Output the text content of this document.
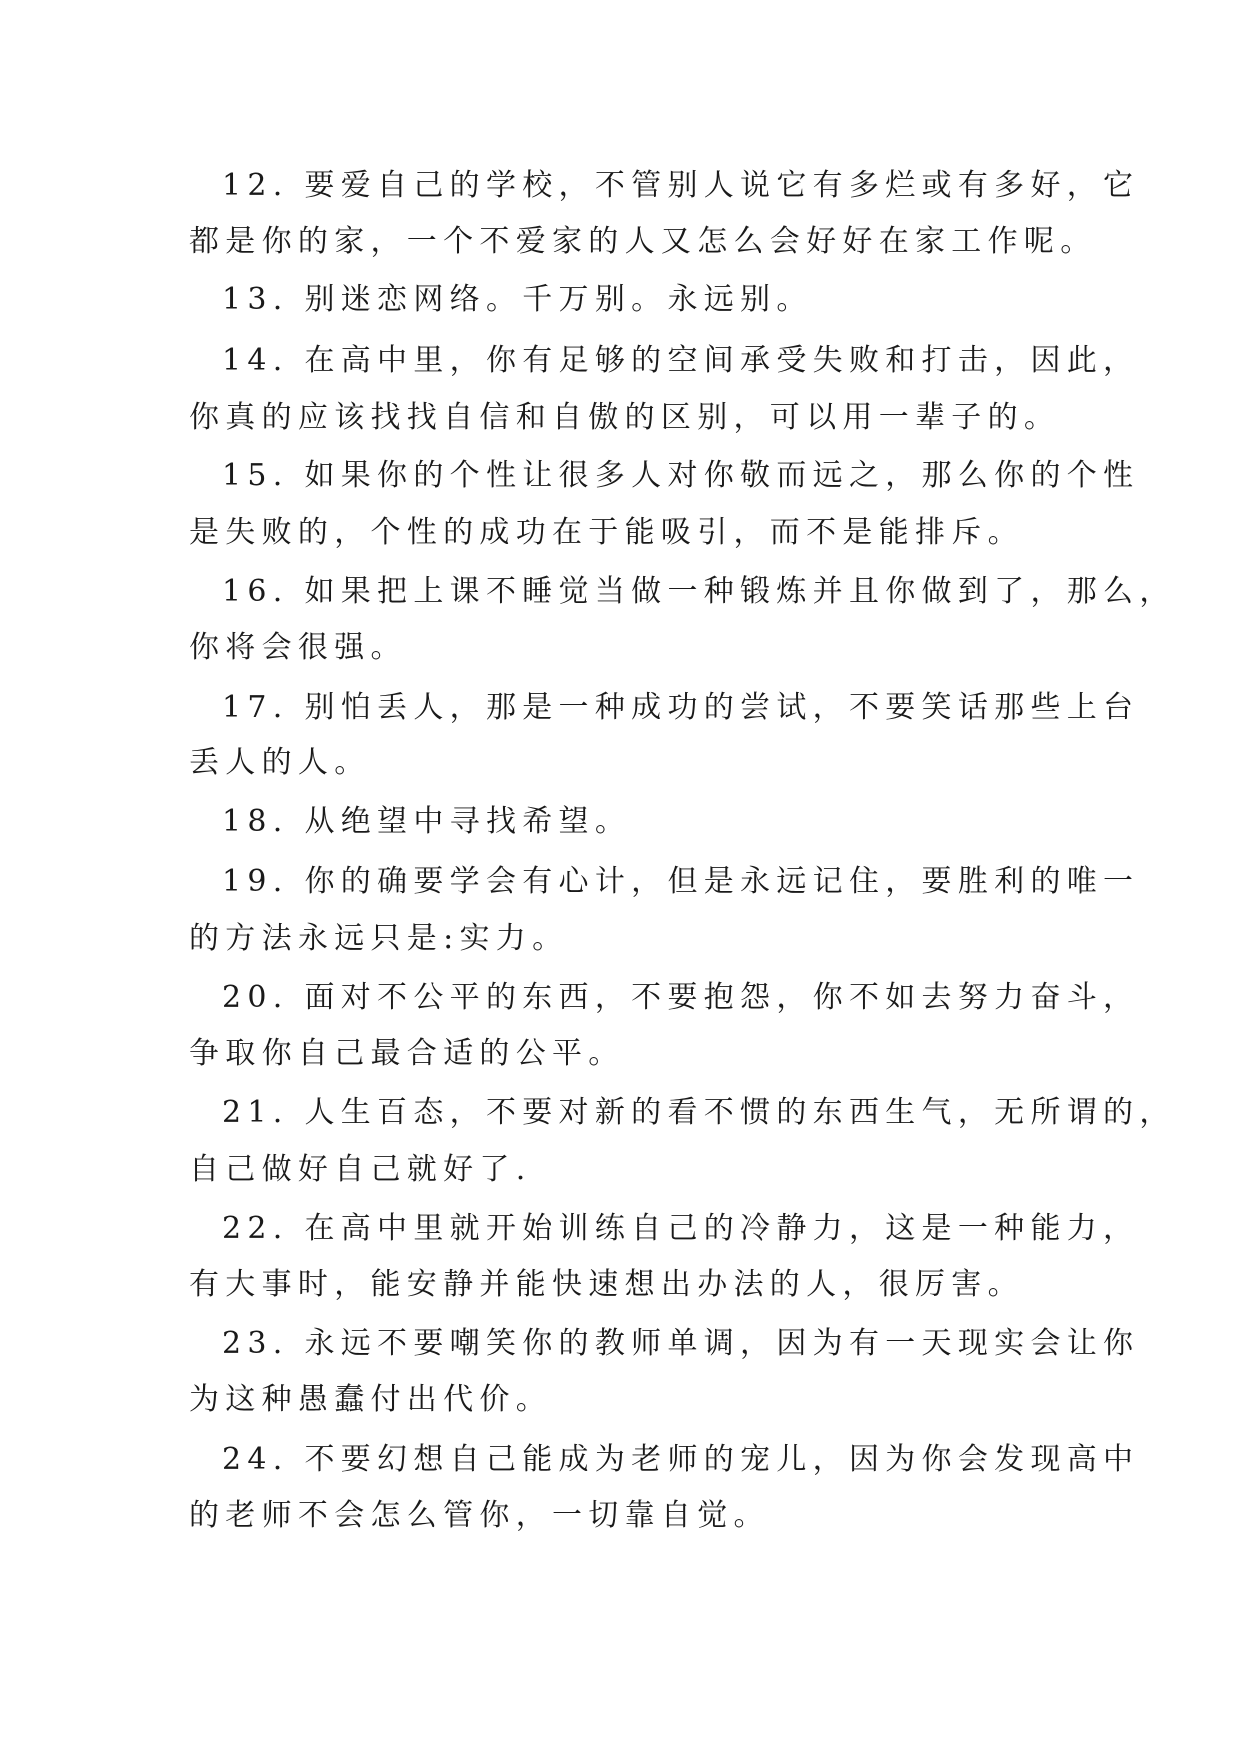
12. 要爱自己的学校，不管别人说它有多烂或有多好，它

都是你的家，一个不爱家的人又怎么会好好在家工作呢。

13. 别迷恋网络。千万别。永远别。

14. 在高中里，你有足够的空间承受失败和打击，因此，

你真的应该找找自信和自傲的区别，可以用一辈子的。

15. 如果你的个性让很多人对你敬而远之，那么你的个性

是失败的，个性的成功在于能吸引，而不是能排斥。

16. 如果把上课不睡觉当做一种锻炼并且你做到了，那么，

你将会很强。

17. 别怕丢人，那是一种成功的尝试，不要笑话那些上台

丢人的人。

18. 从绝望中寻找希望。

19. 你的确要学会有心计，但是永远记住，要胜利的唯一

的方法永远只是:实力。

20. 面对不公平的东西，不要抱怨，你不如去努力奋斗，

争取你自己最合适的公平。

21. 人生百态，不要对新的看不惯的东西生气，无所谓的，

自己做好自己就好了.

22. 在高中里就开始训练自己的冷静力，这是一种能力，

有大事时，能安静并能快速想出办法的人，很厉害。

23. 永远不要嘲笑你的教师单调，因为有一天现实会让你

为这种愚蠢付出代价。

24. 不要幻想自己能成为老师的宠儿，因为你会发现高中

的老师不会怎么管你，一切靠自觉。
